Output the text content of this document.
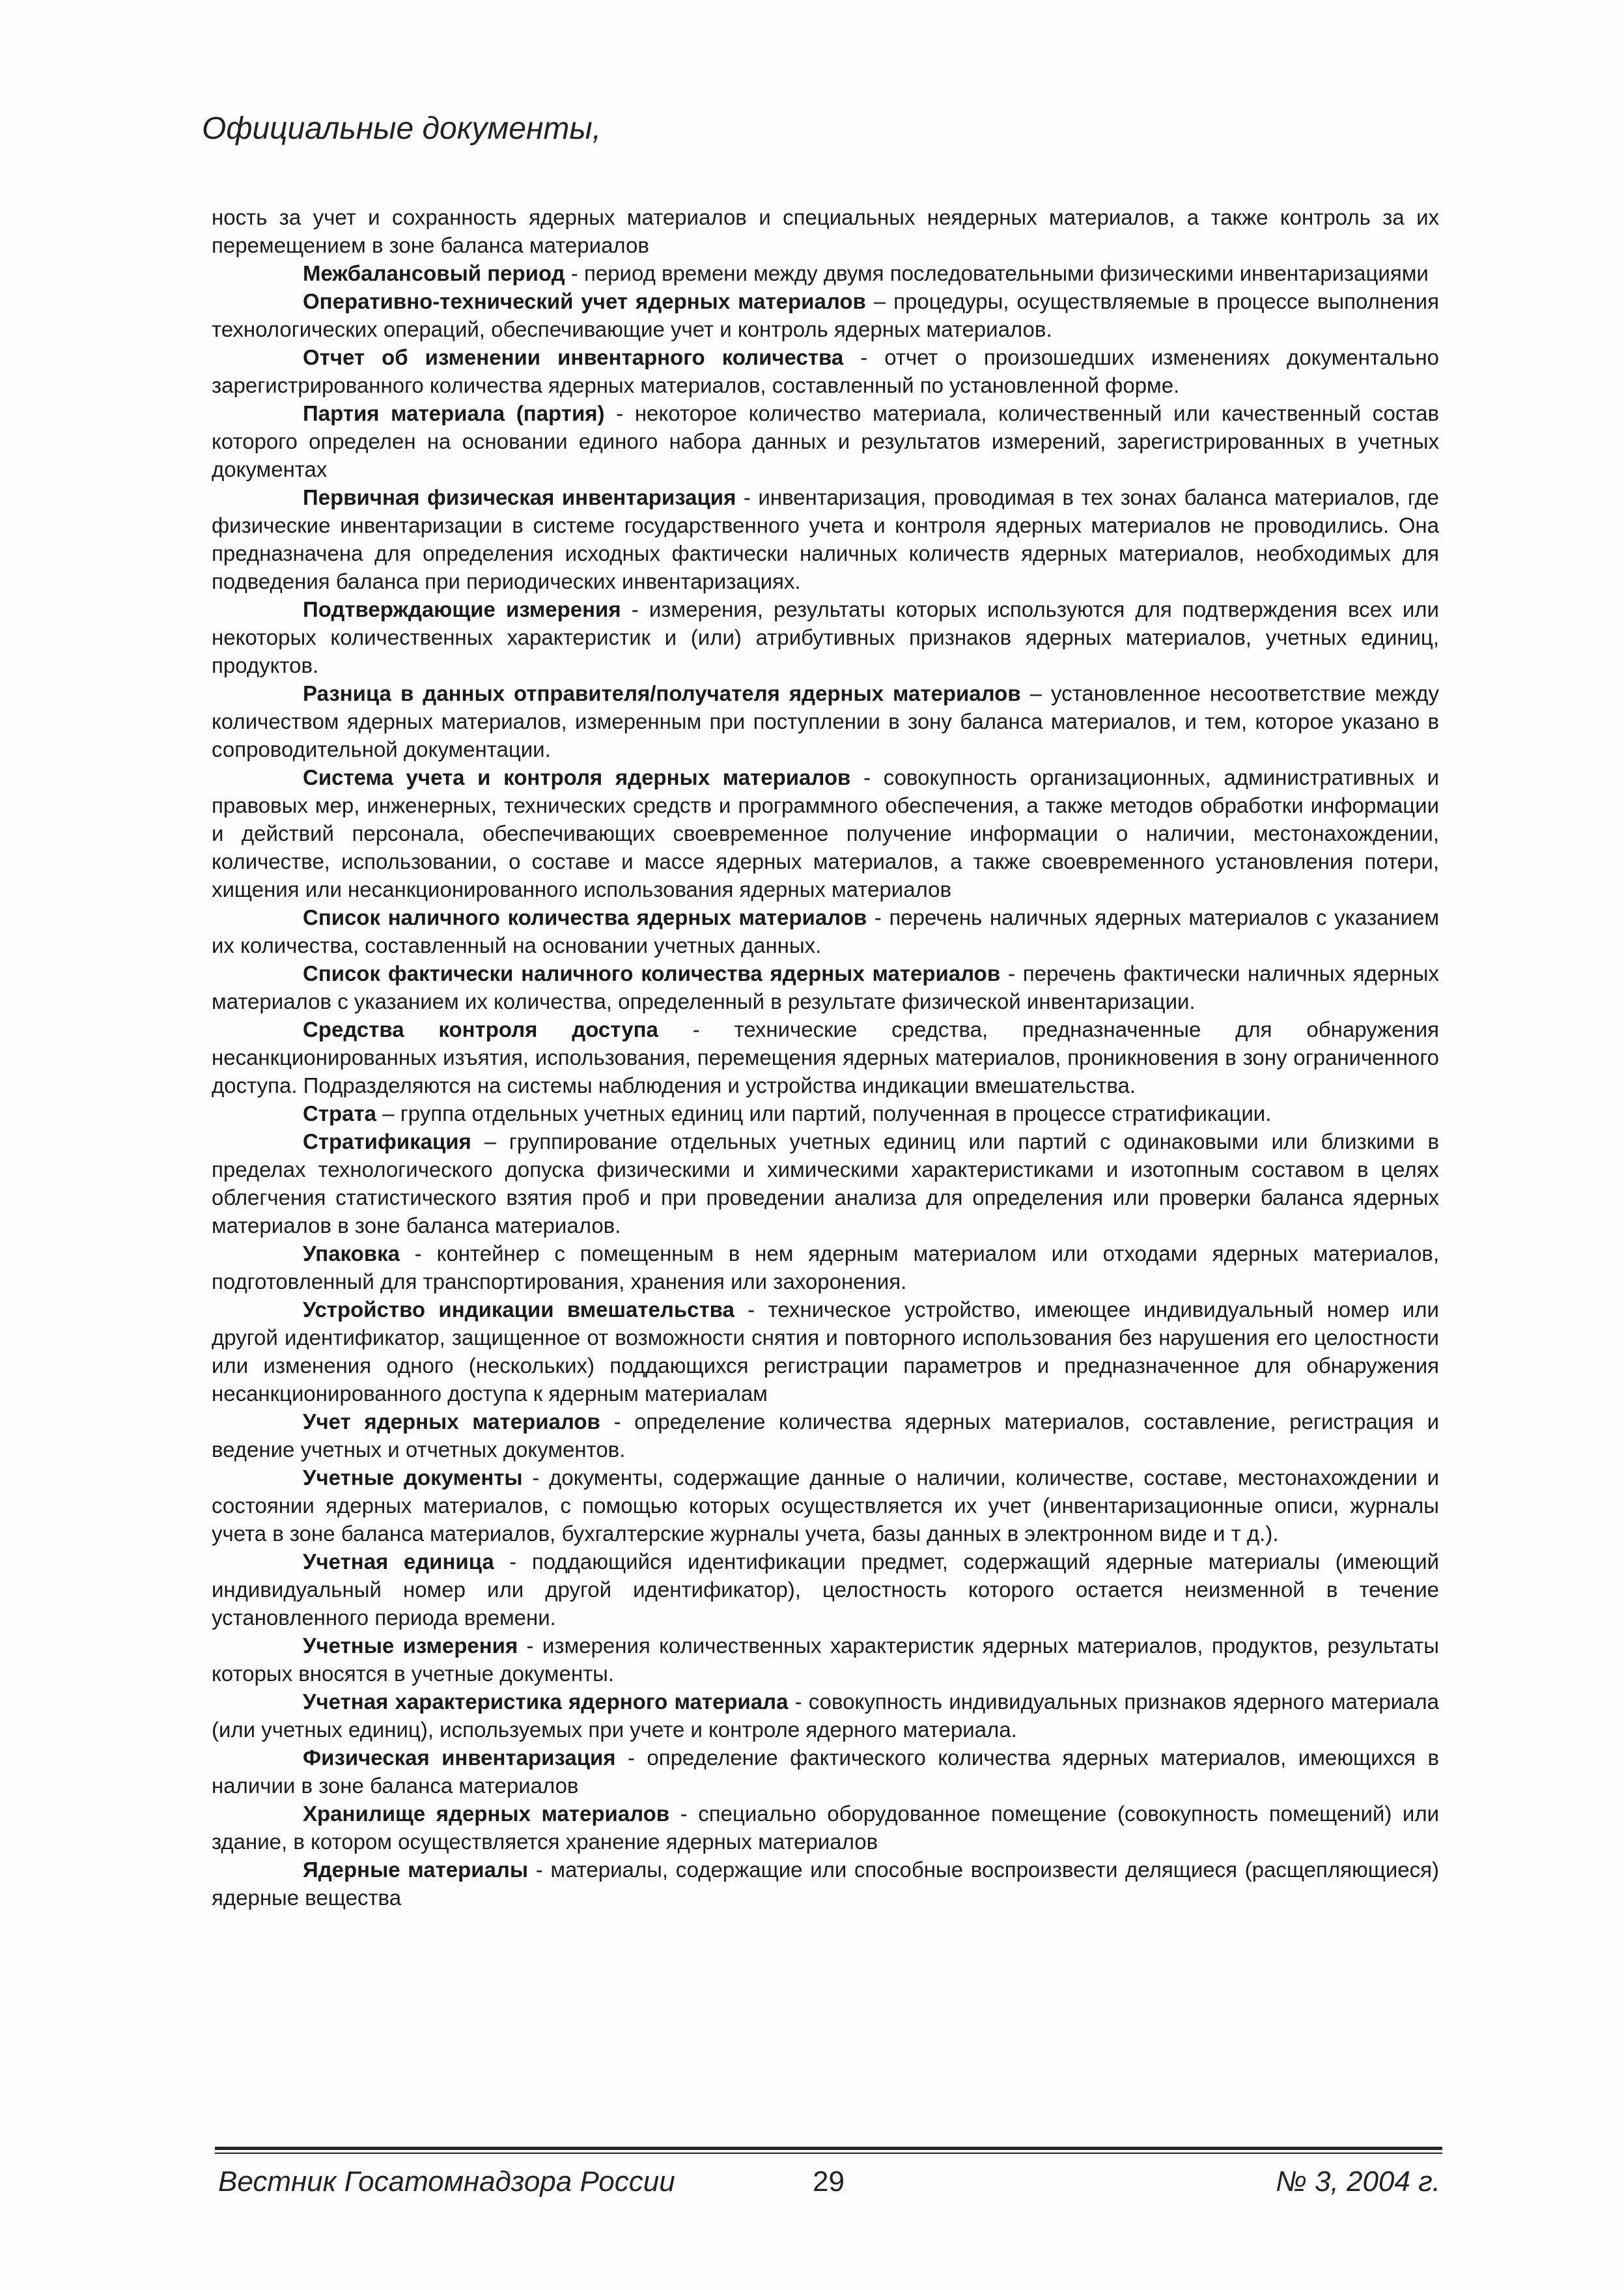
Официальные документы,

ность за учет и сохранность ядерных материалов и специальных неядерных материалов, а также контроль за их перемещением в зоне баланса материалов

Межбалансовый период - период времени между двумя последовательными физическими инвентаризациями

Оперативно-технический учет ядерных материалов – процедуры, осуществляемые в процессе выполнения технологических операций, обеспечивающие учет и контроль ядерных материалов.

Отчет об изменении инвентарного количества - отчет о произошедших изменениях документально зарегистрированного количества ядерных материалов, составленный по установленной форме.

Партия материала (партия) - некоторое количество материала, количественный или качественный состав которого определен на основании единого набора данных и результатов измерений, зарегистрированных в учетных документах

Первичная физическая инвентаризация - инвентаризация, проводимая в тех зонах баланса материалов, где физические инвентаризации в системе государственного учета и контроля ядерных материалов не проводились. Она предназначена для определения исходных фактически наличных количеств ядерных материалов, необходимых для подведения баланса при периодических инвентаризациях.

Подтверждающие измерения - измерения, результаты которых используются для подтверждения всех или некоторых количественных характеристик и (или) атрибутивных признаков ядерных материалов, учетных единиц, продуктов.

Разница в данных отправителя/получателя ядерных материалов – установленное несоответствие между количеством ядерных материалов, измеренным при поступлении в зону баланса материалов, и тем, которое указано в сопроводительной документации.

Система учета и контроля ядерных материалов - совокупность организационных, административных и правовых мер, инженерных, технических средств и программного обеспечения, а также методов обработки информации и действий персонала, обеспечивающих своевременное получение информации о наличии, местонахождении, количестве, использовании, о составе и массе ядерных материалов, а также своевременного установления потери, хищения или несанкционированного использования ядерных материалов

Список наличного количества ядерных материалов - перечень наличных ядерных материалов с указанием их количества, составленный на основании учетных данных.

Список фактически наличного количества ядерных материалов - перечень фактически наличных ядерных материалов с указанием их количества, определенный в результате физической инвентаризации.

Средства контроля доступа - технические средства, предназначенные для обнаружения несанкционированных изъятия, использования, перемещения ядерных материалов, проникновения в зону ограниченного доступа. Подразделяются на системы наблюдения и устройства индикации вмешательства.

Страта – группа отдельных учетных единиц или партий, полученная в процессе стратификации.

Стратификация – группирование отдельных учетных единиц или партий с одинаковыми или близкими в пределах технологического допуска физическими и химическими характеристиками и изотопным составом в целях облегчения статистического взятия проб и при проведении анализа для определения или проверки баланса ядерных материалов в зоне баланса материалов.

Упаковка - контейнер с помещенным в нем ядерным материалом или отходами ядерных материалов, подготовленный для транспортирования, хранения или захоронения.

Устройство индикации вмешательства - техническое устройство, имеющее индивидуальный номер или другой идентификатор, защищенное от возможности снятия и повторного использования без нарушения его целостности или изменения одного (нескольких) поддающихся регистрации параметров и предназначенное для обнаружения несанкционированного доступа к ядерным материалам

Учет ядерных материалов - определение количества ядерных материалов, составление, регистрация и ведение учетных и отчетных документов.

Учетные документы - документы, содержащие данные о наличии, количестве, составе, местонахождении и состоянии ядерных материалов, с помощью которых осуществляется их учет (инвентаризационные описи, журналы учета в зоне баланса материалов, бухгалтерские журналы учета, базы данных в электронном виде и т д.).

Учетная единица - поддающийся идентификации предмет, содержащий ядерные материалы (имеющий индивидуальный номер или другой идентификатор), целостность которого остается неизменной в течение установленного периода времени.

Учетные измерения - измерения количественных характеристик ядерных материалов, продуктов, результаты которых вносятся в учетные документы.

Учетная характеристика ядерного материала - совокупность индивидуальных признаков ядерного материала (или учетных единиц), используемых при учете и контроле ядерного материала.

Физическая инвентаризация - определение фактического количества ядерных материалов, имеющихся в наличии в зоне баланса материалов

Хранилище ядерных материалов - специально оборудованное помещение (совокупность помещений) или здание, в котором осуществляется хранение ядерных материалов

Ядерные материалы - материалы, содержащие или способные воспроизвести делящиеся (расщепляющиеся) ядерные вещества

Вестник Госатомнадзора России	29	№ 3, 2004 г.
